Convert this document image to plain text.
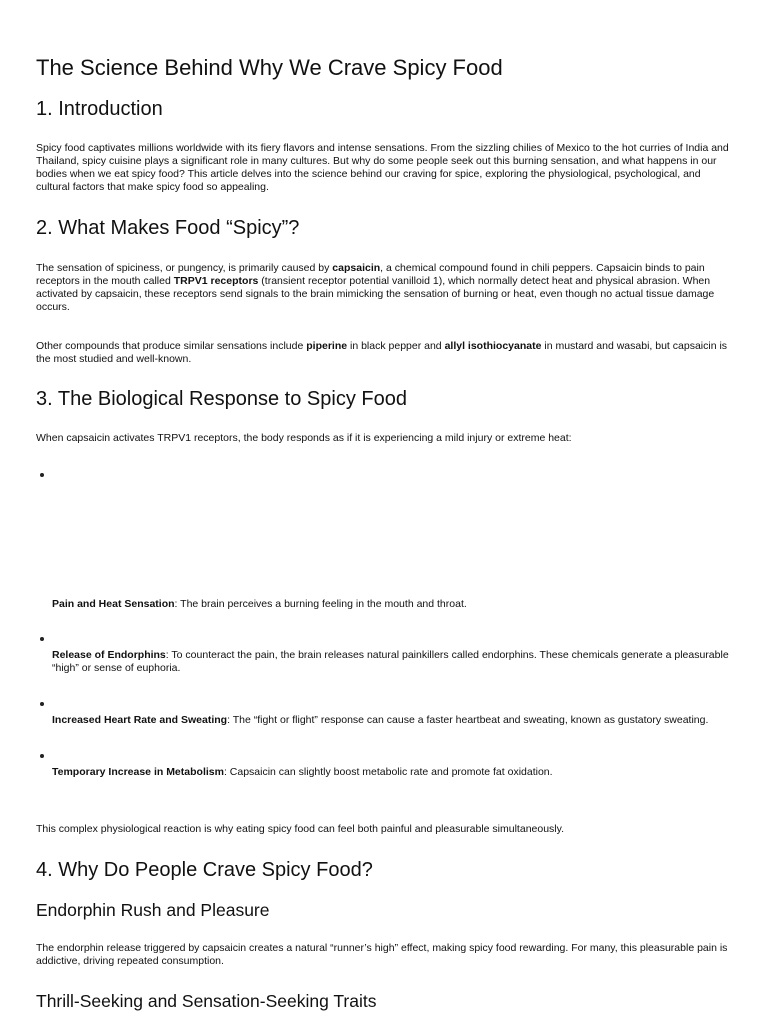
The Science Behind Why We Crave Spicy Food
1. Introduction

Spicy food captivates millions worldwide with its fiery flavors and intense sensations. From the sizzling chilies of Mexico to the hot curries of India and Thailand, spicy cuisine plays a significant role in many cultures. But why do some people seek out this burning sensation, and what happens in our bodies when we eat spicy food? This article delves into the science behind our craving for spice, exploring the physiological, psychological, and cultural factors that make spicy food so appealing.

2. What Makes Food “Spicy”?

The sensation of spiciness, or pungency, is primarily caused by capsaicin, a chemical compound found in chili peppers. Capsaicin binds to pain receptors in the mouth called TRPV1 receptors (transient receptor potential vanilloid 1), which normally detect heat and physical abrasion. When activated by capsaicin, these receptors send signals to the brain mimicking the sensation of burning or heat, even though no actual tissue damage occurs.

Other compounds that produce similar sensations include piperine in black pepper and allyl isothiocyanate in mustard and wasabi, but capsaicin is the most studied and well-known.

3. The Biological Response to Spicy Food

When capsaicin activates TRPV1 receptors, the body responds as if it is experiencing a mild injury or extreme heat:

Pain and Heat Sensation: The brain perceives a burning feeling in the mouth and throat.

Release of Endorphins: To counteract the pain, the brain releases natural painkillers called endorphins. These chemicals generate a pleasurable “high” or sense of euphoria.

Increased Heart Rate and Sweating: The “fight or flight” response can cause a faster heartbeat and sweating, known as gustatory sweating.

Temporary Increase in Metabolism: Capsaicin can slightly boost metabolic rate and promote fat oxidation.

This complex physiological reaction is why eating spicy food can feel both painful and pleasurable simultaneously.

4. Why Do People Crave Spicy Food?
Endorphin Rush and Pleasure

The endorphin release triggered by capsaicin creates a natural “runner’s high” effect, making spicy food rewarding. For many, this pleasurable pain is addictive, driving repeated consumption.

Thrill-Seeking and Sensation-Seeking Traits
